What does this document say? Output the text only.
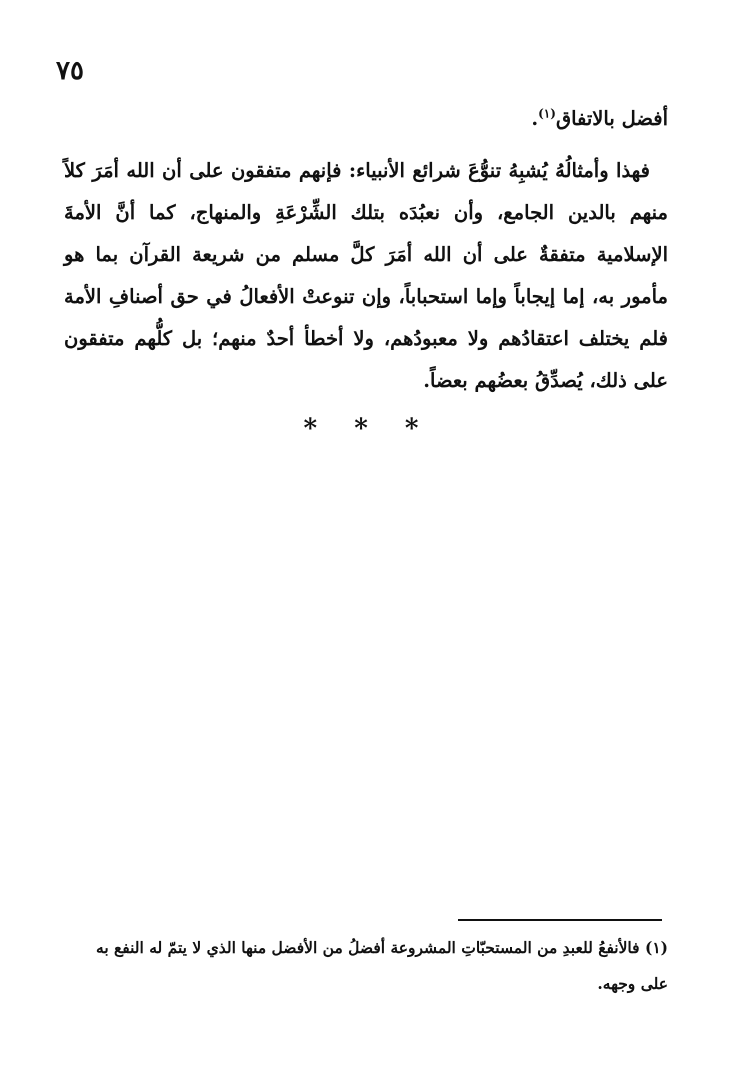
٧٥

أفضل بالاتفاق$^{(١)}$.

فهذا وأمثالُهُ يُشبِهُ تنوُّعَ شرائع الأنبياء: فإنهم متفقون على أن الله أمَرَ كلاً منهم بالدين الجامع، وأن نعبُدَه بتلك الشِّرْعَةِ والمنهاج، كما أنَّ الأمةَ الإسلامية متفقةٌ على أن الله أمَرَ كلَّ مسلم من شريعة القرآن بما هو مأمور به، إما إيجاباً وإما استحباباً، وإن تنوعتْ الأفعالُ في حق أصنافِ الأمة فلم يختلف اعتقادُهم ولا معبودُهم، ولا أخطأ أحدٌ منهم؛ بل كلُّهم متفقون على ذلك، يُصدِّقُ بعضُهم بعضاً.

* * *

(١) فالأنفعُ للعبدِ من المستحبّاتِ المشروعة أفضلُ من الأفضل منها الذي لا يتمّ له النفع به على وجهه.
